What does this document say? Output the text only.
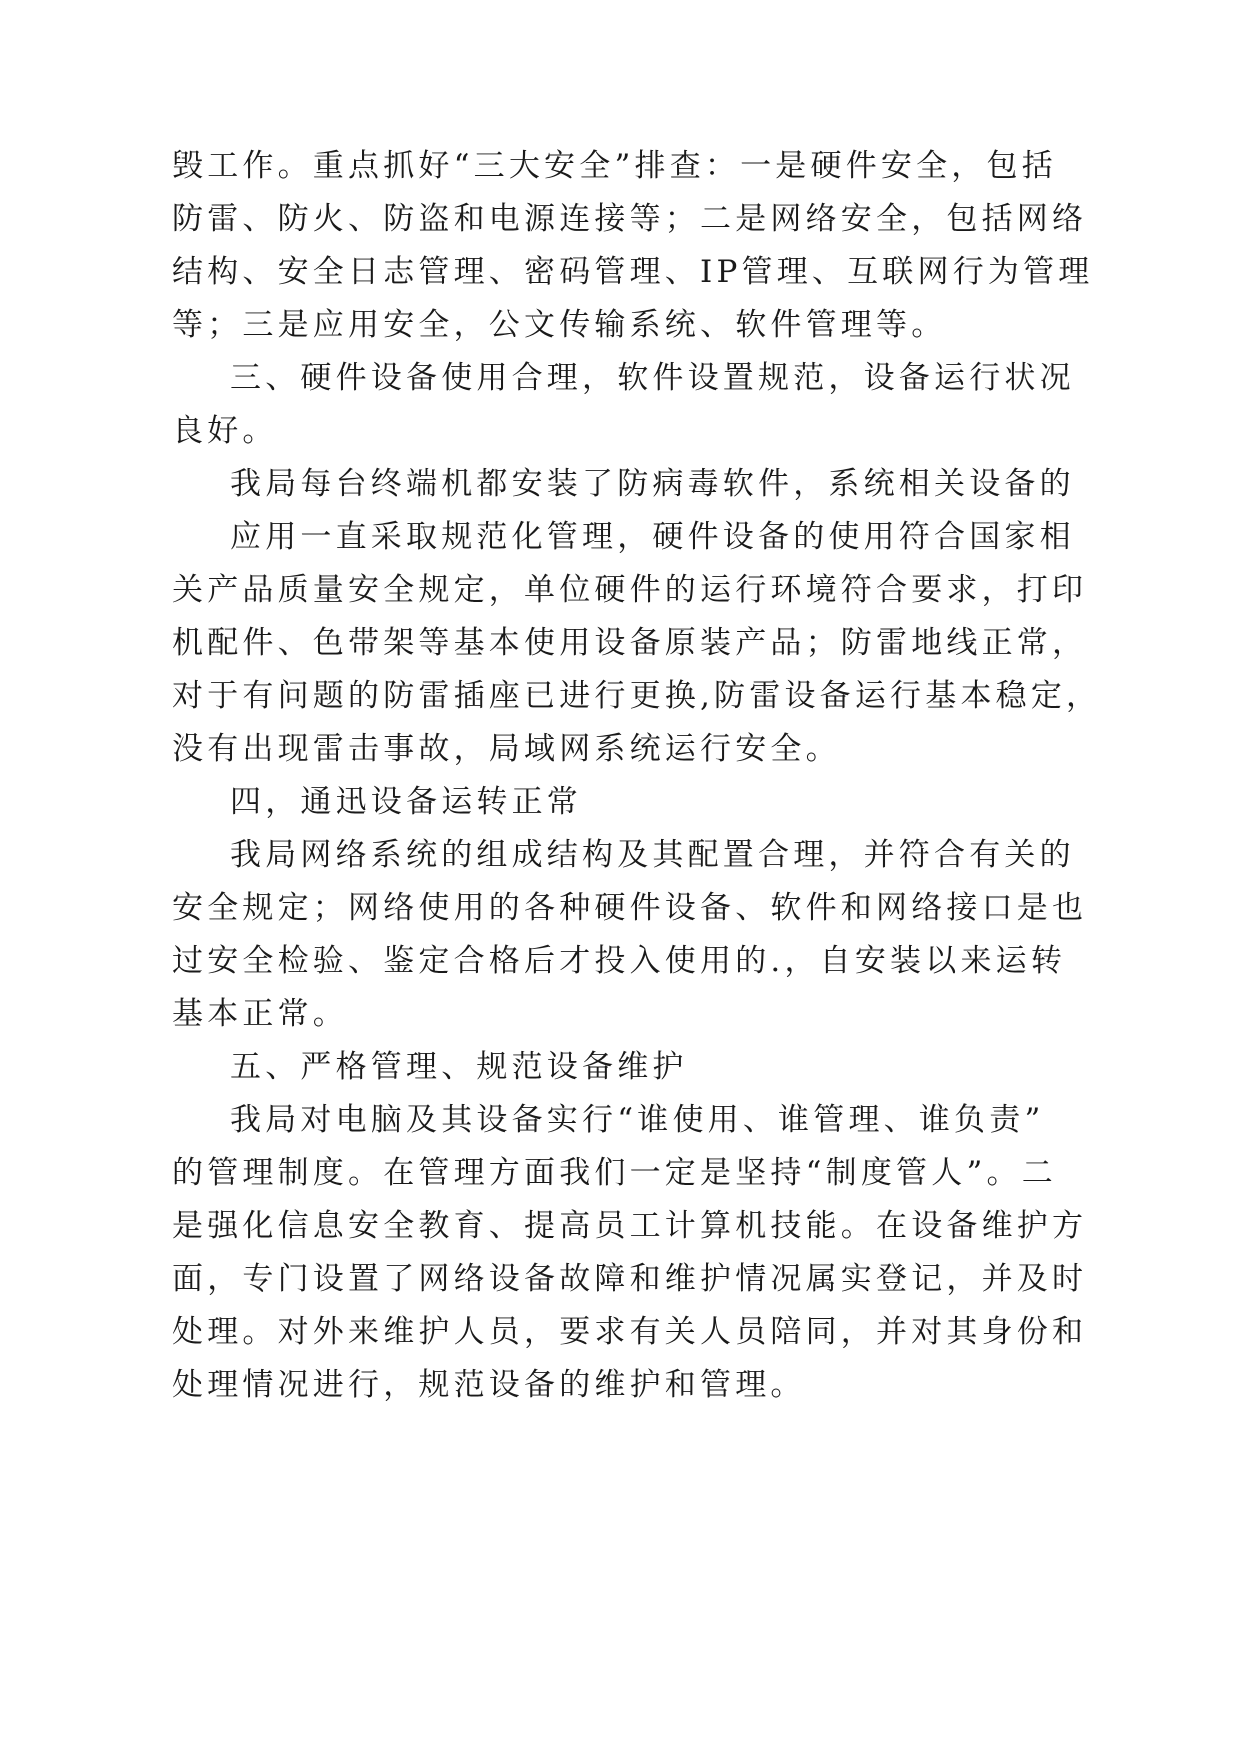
毁工作。重点抓好“三大安全”排查：一是硬件安全，包括
防雷、防火、防盗和电源连接等；二是网络安全，包括网络
结构、安全日志管理、密码管理、IP管理、互联网行为管理
等；三是应用安全，公文传输系统、软件管理等。
三、硬件设备使用合理，软件设置规范，设备运行状况
良好。
我局每台终端机都安装了防病毒软件，系统相关设备的
应用一直采取规范化管理，硬件设备的使用符合国家相
关产品质量安全规定，单位硬件的运行环境符合要求，打印
机配件、色带架等基本使用设备原装产品；防雷地线正常，
对于有问题的防雷插座已进行更换,防雷设备运行基本稳定，
没有出现雷击事故，局域网系统运行安全。
四，通迅设备运转正常
我局网络系统的组成结构及其配置合理，并符合有关的
安全规定；网络使用的各种硬件设备、软件和网络接口是也
过安全检验、鉴定合格后才投入使用的.，自安装以来运转
基本正常。
五、严格管理、规范设备维护
我局对电脑及其设备实行“谁使用、谁管理、谁负责”
的管理制度。在管理方面我们一定是坚持“制度管人”。二
是强化信息安全教育、提高员工计算机技能。在设备维护方
面，专门设置了网络设备故障和维护情况属实登记，并及时
处理。对外来维护人员，要求有关人员陪同，并对其身份和
处理情况进行，规范设备的维护和管理。
